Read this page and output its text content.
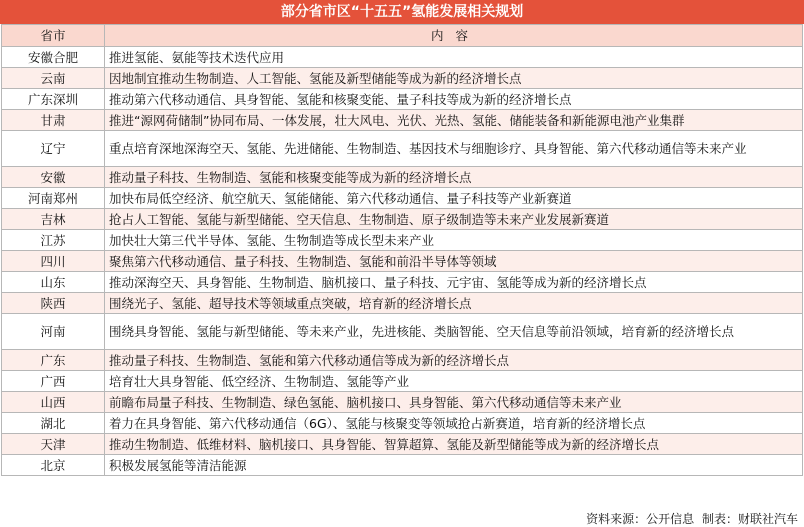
部分省市区“十五五”氢能发展相关规划
省市	内容
安徽合肥	推进氢能、氨能等技术迭代应用
云南	因地制宜推动生物制造、人工智能、氢能及新型储能等成为新的经济增长点
广东深圳	推动第六代移动通信、具身智能、氢能和核聚变能、量子科技等成为新的经济增长点
甘肃	推进“源网荷储制”协同布局、一体发展，壮大风电、光伏、光热、氢能、储能装备和新能源电池产业集群
辽宁	重点培育深地深海空天、氢能、先进储能、生物制造、基因技术与细胞诊疗、具身智能、第六代移动通信等未来产业
安徽	推动量子科技、生物制造、氢能和核聚变能等成为新的经济增长点
河南郑州	加快布局低空经济、航空航天、氢能储能、第六代移动通信、量子科技等产业新赛道
吉林	抢占人工智能、氢能与新型储能、空天信息、生物制造、原子级制造等未来产业发展新赛道
江苏	加快壮大第三代半导体、氢能、生物制造等成长型未来产业
四川	聚焦第六代移动通信、量子科技、生物制造、氢能和前沿半导体等领域
山东	推动深海空天、具身智能、生物制造、脑机接口、量子科技、元宇宙、氢能等成为新的经济增长点
陕西	围绕光子、氢能、超导技术等领域重点突破，培育新的经济增长点
河南	围绕具身智能、氢能与新型储能、等未来产业，先进核能、类脑智能、空天信息等前沿领域，培育新的经济增长点
广东	推动量子科技、生物制造、氢能和第六代移动通信等成为新的经济增长点
广西	培育壮大具身智能、低空经济、生物制造、氢能等产业
山西	前瞻布局量子科技、生物制造、绿色氢能、脑机接口、具身智能、第六代移动通信等未来产业
湖北	着力在具身智能、第六代移动通信（6G）、氢能与核聚变等领域抢占新赛道，培育新的经济增长点
天津	推动生物制造、低维材料、脑机接口、具身智能、智算超算、氢能及新型储能等成为新的经济增长点
北京	积极发展氢能等清洁能源
资料来源：公开信息 制表：财联社汽车
